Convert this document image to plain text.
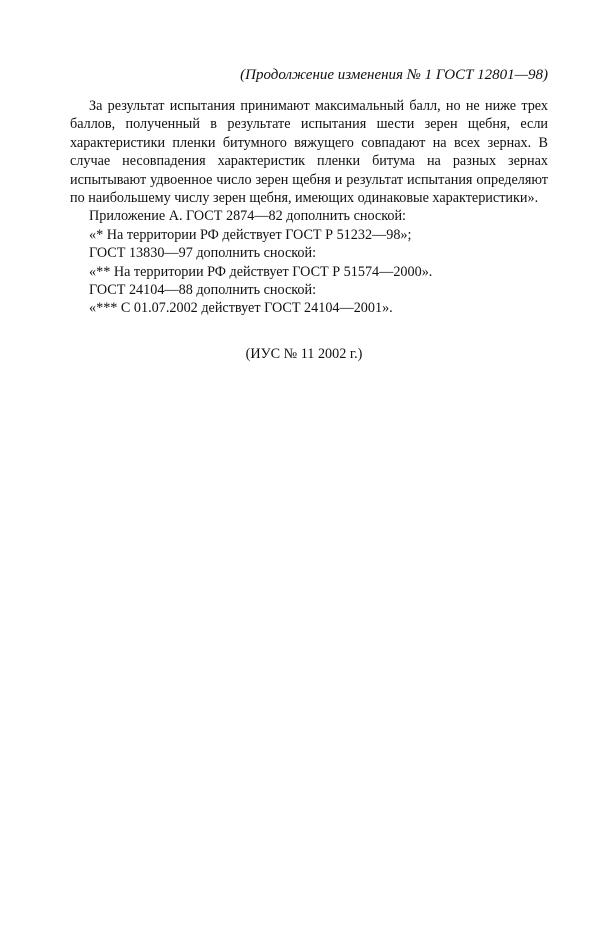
(Продолжение изменения № 1 ГОСТ 12801—98)

За результат испытания принимают максимальный балл, но не ниже трех баллов, полученный в результате испытания шести зерен щебня, если характеристики пленки битумного вяжущего совпадают на всех зернах. В случае несовпадения характеристик пленки битума на разных зернах испытывают удвоенное число зерен щебня и результат испытания определяют по наибольшему числу зерен щебня, имеющих одинаковые характеристики».

Приложение А. ГОСТ 2874—82 дополнить сноской:

«* На территории РФ действует ГОСТ Р 51232—98»;

ГОСТ 13830—97 дополнить сноской:

«** На территории РФ действует ГОСТ Р 51574—2000».

ГОСТ 24104—88 дополнить сноской:

«*** С 01.07.2002 действует ГОСТ 24104—2001».

(ИУС № 11 2002 г.)
